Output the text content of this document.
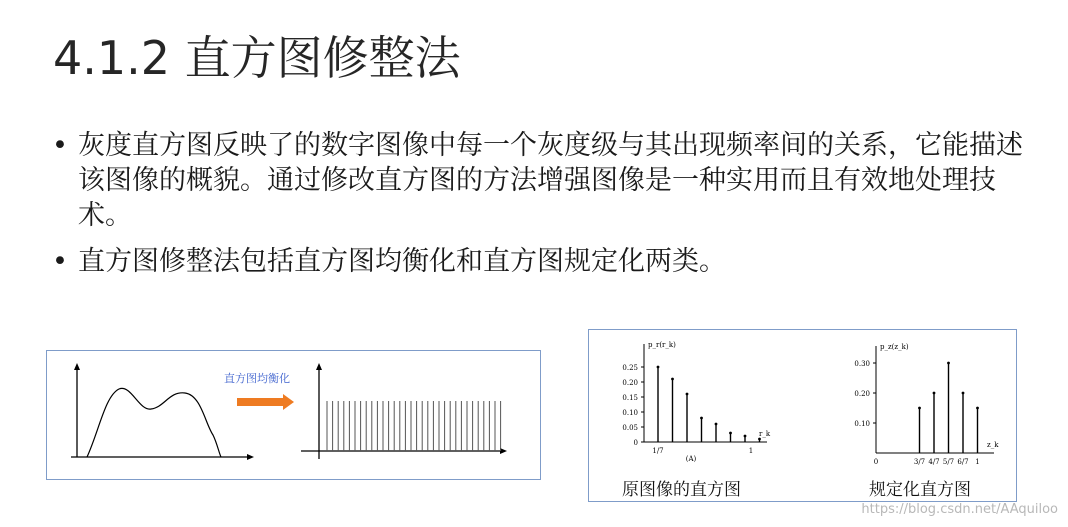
4.1.2 直方图修整法
• 灰度直方图反映了的数字图像中每一个灰度级与其出现频率间的关系，它能描述该图像的概貌。通过修改直方图的方法增强图像是一种实用而且有效地处理技术。
• 直方图修整法包括直方图均衡化和直方图规定化两类。
直方图均衡化
0.25
0.20
0.15
0.10
0.05
0
p_r(r_k)
r_k
1/7	1
(A)
0.30
0.20
0.10
0	3/7 4/7 5/7 6/7 1
p_z(z_k)
z_k
原图像的直方图	规定化直方图
https://blog.csdn.net/AAquiloo
